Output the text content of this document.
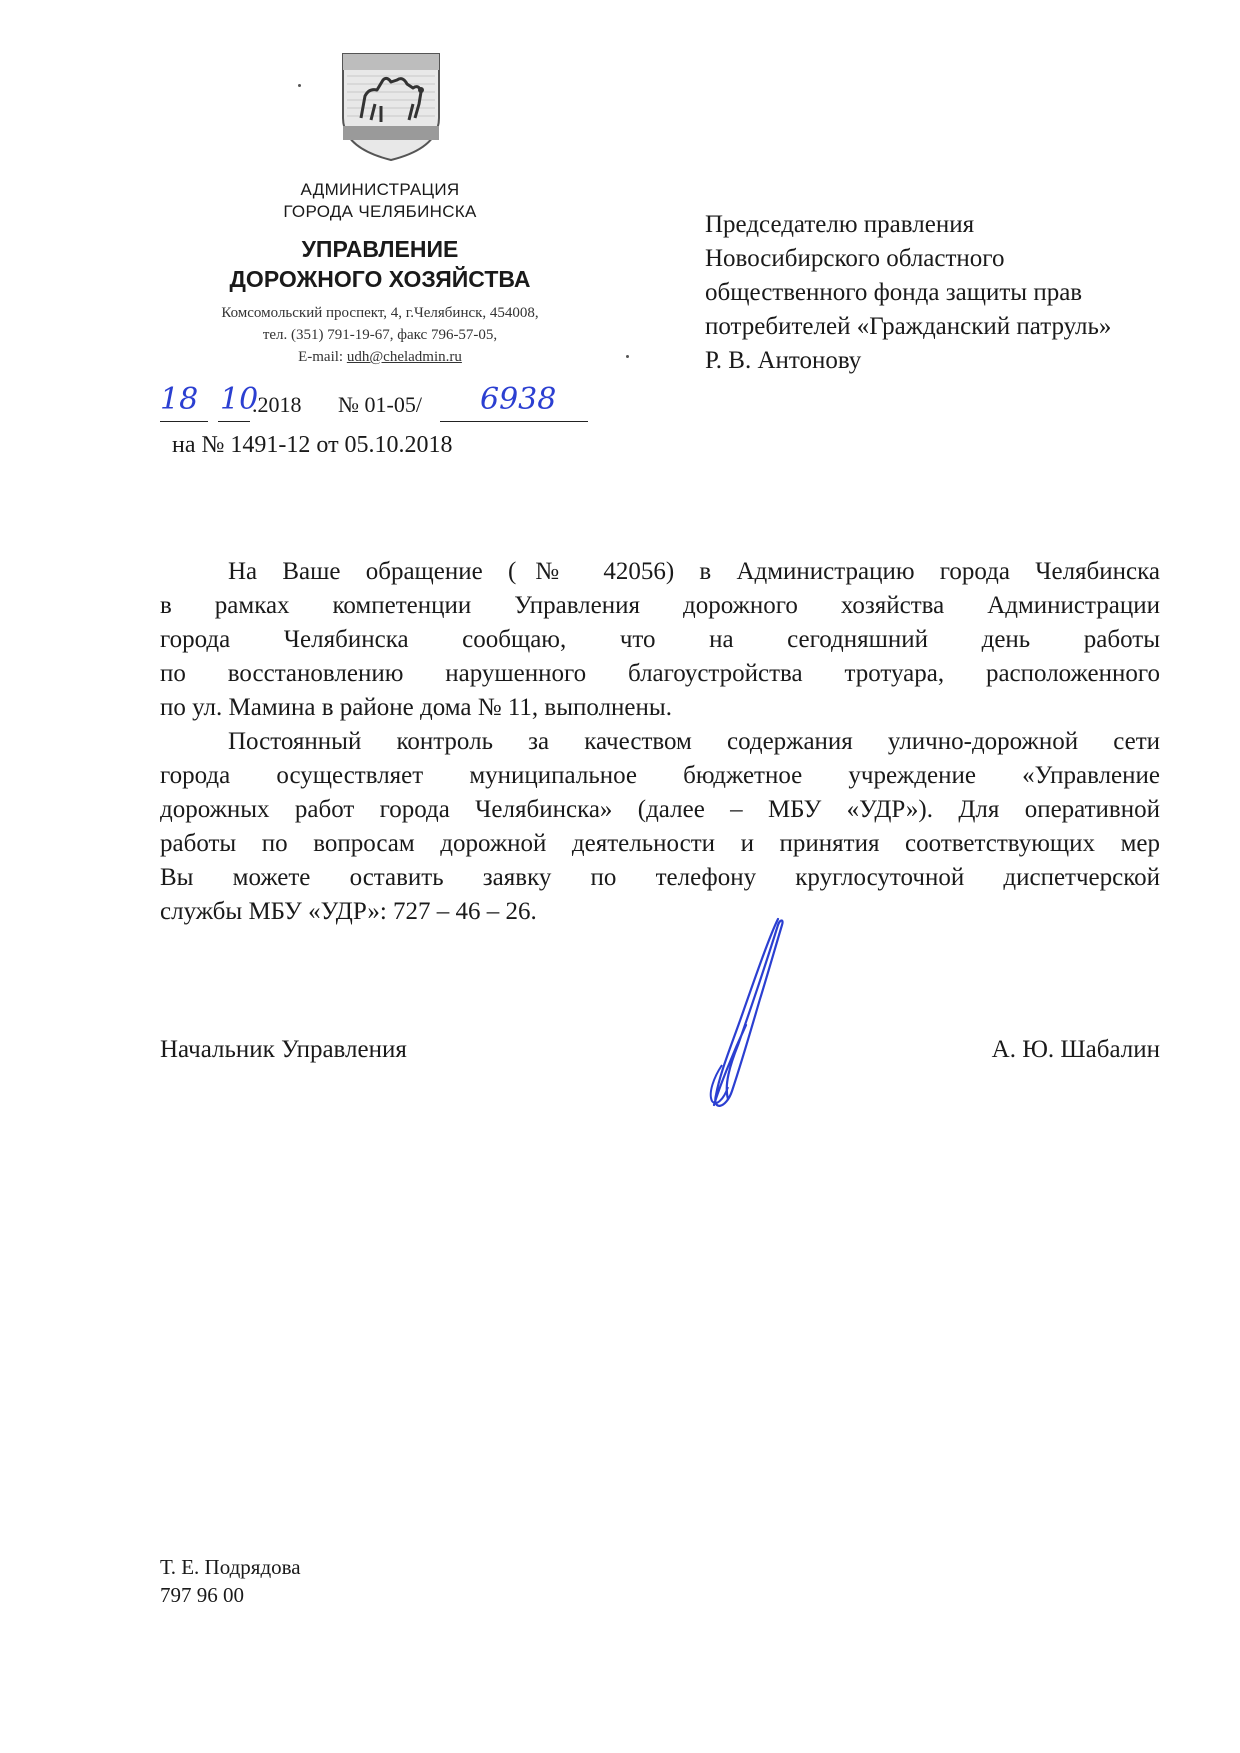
АДМИНИСТРАЦИЯ
ГОРОДА ЧЕЛЯБИНСКА
УПРАВЛЕНИЕ
ДОРОЖНОГО ХОЗЯЙСТВА
Комсомольский проспект, 4, г.Челябинск, 454008,
тел. (351) 791-19-67, факс 796-57-05,
E-mail: udh@cheladmin.ru
18 10
.2018 № 01-05/ 6938
на № 1491-12 от 05.10.2018
Председателю правления
Новосибирского областного
общественного фонда защиты прав
потребителей «Гражданский патруль»
Р. В. Антонову
На Ваше обращение (№ 42056) в Администрацию города Челябинска
в рамках компетенции Управления дорожного хозяйства Администрации
города Челябинска сообщаю, что на сегодняшний день работы
по восстановлению нарушенного благоустройства тротуара, расположенного
по ул. Мамина в районе дома № 11, выполнены.
Постоянный контроль за качеством содержания улично-дорожной сети
города осуществляет муниципальное бюджетное учреждение «Управление
дорожных работ города Челябинска» (далее – МБУ «УДР»). Для оперативной
работы по вопросам дорожной деятельности и принятия соответствующих мер
Вы можете оставить заявку по телефону круглосуточной диспетчерской
службы МБУ «УДР»: 727 – 46 – 26.
Начальник Управления	А. Ю. Шабалин
Т. Е. Подрядова
797 96 00
